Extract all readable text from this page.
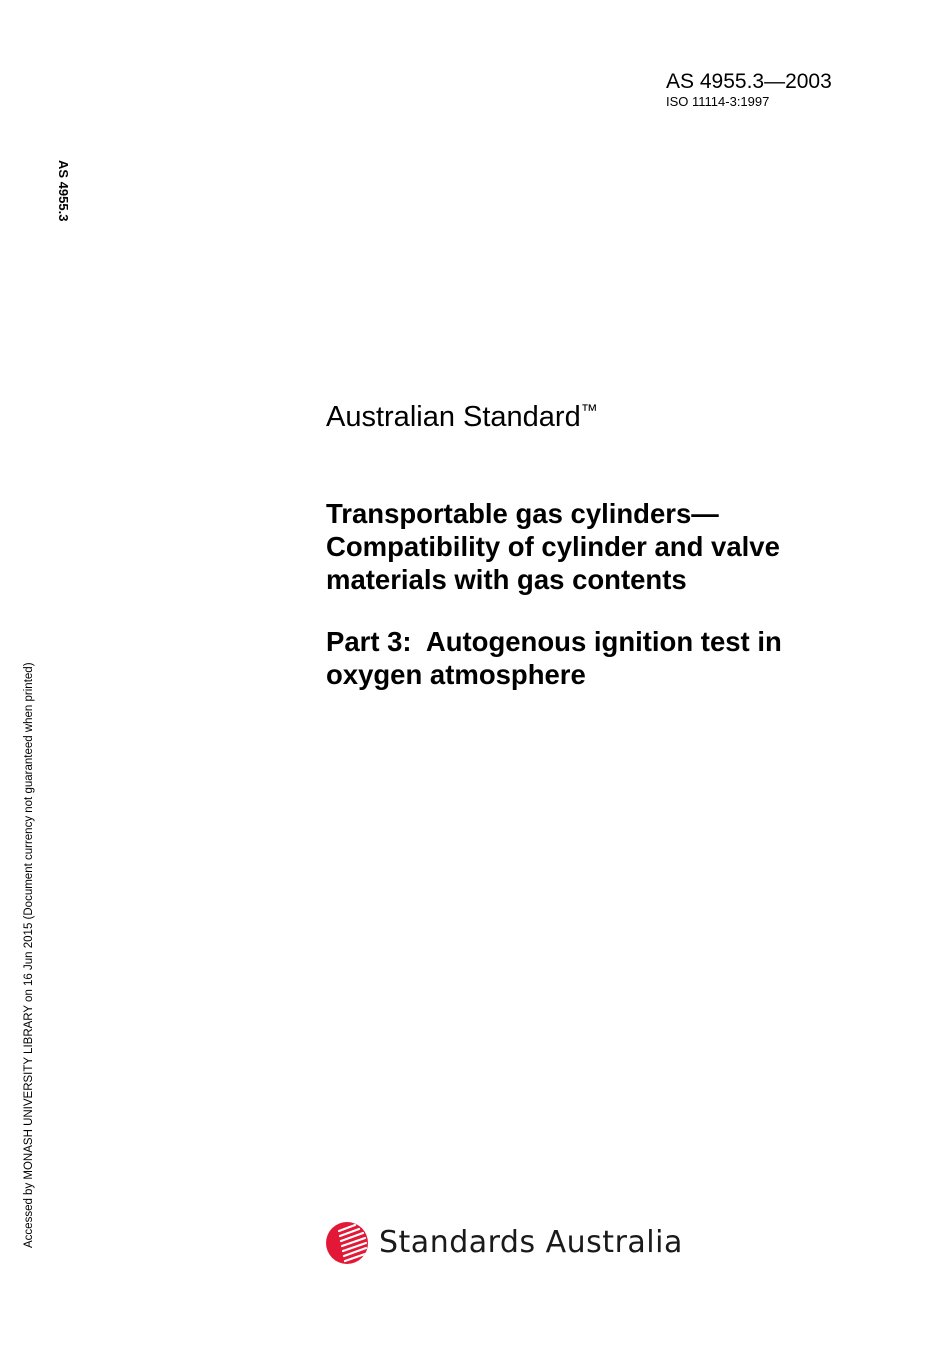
AS 4955.3—2003
ISO 11114-3:1997
AS 4955.3
Accessed by MONASH UNIVERSITY LIBRARY on 16 Jun 2015 (Document currency not guaranteed when printed)
Australian Standard™
Transportable gas cylinders—
Compatibility of cylinder and valve
materials with gas contents
Part 3:  Autogenous ignition test in
oxygen atmosphere
Standards Australia
